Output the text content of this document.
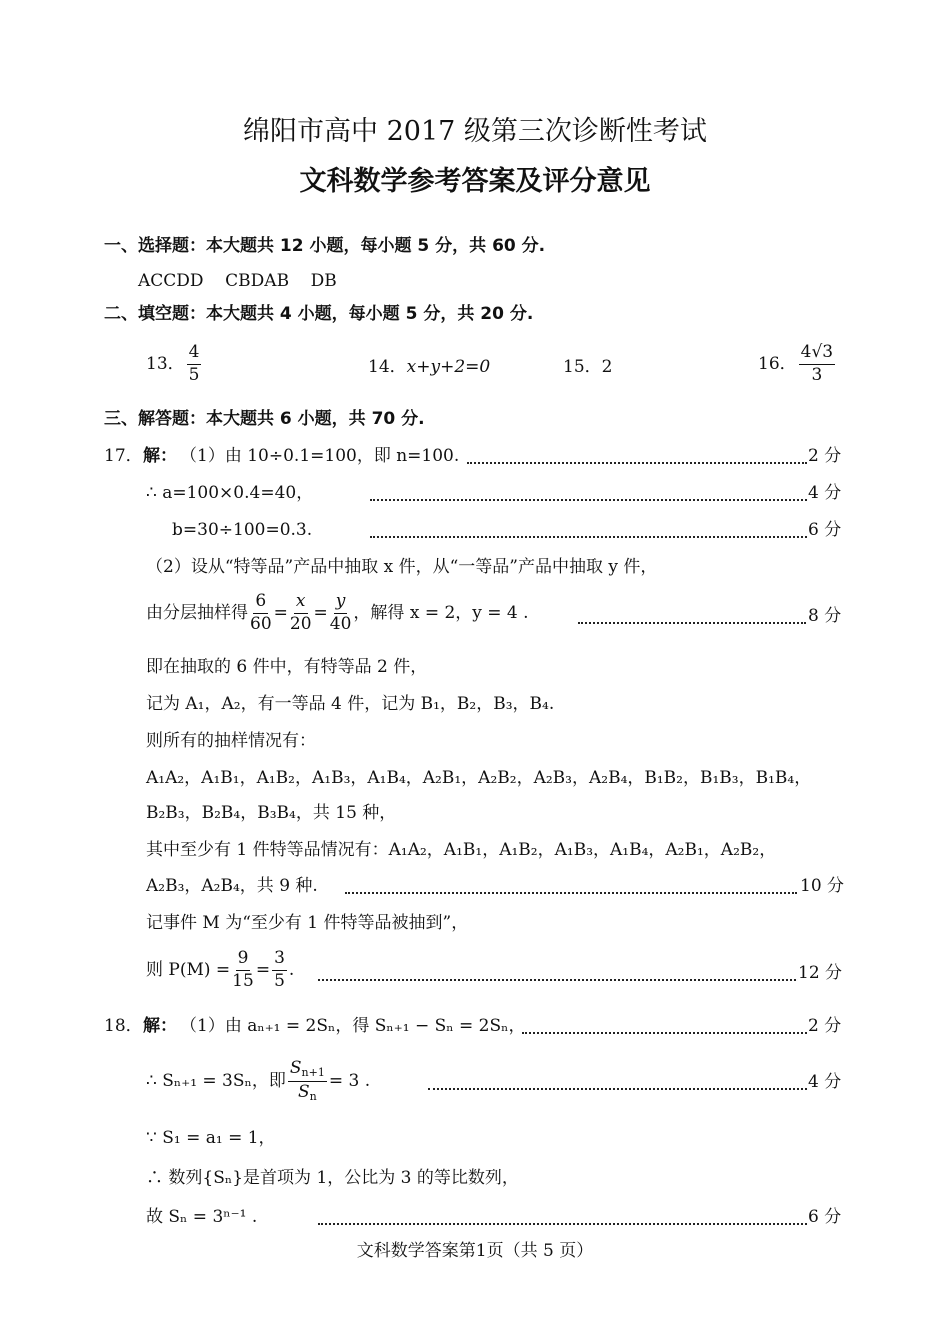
绵阳市高中 2017 级第三次诊断性考试
文科数学参考答案及评分意见
一、选择题：本大题共 12 小题，每小题 5 分，共 60 分.
ACCDD    CBDAB    DB
二、填空题：本大题共 4 小题，每小题 5 分，共 20 分.
13． $\frac{4}{5}$	14．x+y+2=0	15．2	16． $\frac{4√3}{3}$
三、解答题：本大题共 6 小题，共 70 分.
17． 解： （1）由 10÷0.1=100，即 n=100.	2 分
∴ a=100×0.4=40，	4 分
b=30÷100=0.3.	6 分
（2）设从“特等品”产品中抽取 x 件，从“一等品”产品中抽取 y 件，
由分层抽样得 $\frac{6}{60} = \frac{x}{20} = \frac{y}{40}$ ，解得 x = 2，y = 4 .	8 分
即在抽取的 6 件中，有特等品 2 件，
记为 A₁，A₂，有一等品 4 件，记为 B₁，B₂，B₃，B₄.
则所有的抽样情况有：
A₁A₂，A₁B₁，A₁B₂，A₁B₃，A₁B₄，A₂B₁，A₂B₂，A₂B₃，A₂B₄，B₁B₂，B₁B₃，B₁B₄，
B₂B₃，B₂B₄，B₃B₄，共 15 种，
其中至少有 1 件特等品情况有：A₁A₂，A₁B₁，A₁B₂，A₁B₃，A₁B₄，A₂B₁，A₂B₂，
A₂B₃，A₂B₄，共 9 种.	10 分
记事件 M 为“至少有 1 件特等品被抽到”，
则 $P(M) = \frac{9}{15} = \frac{3}{5}$ .	12 分
18． 解： （1）由 aₙ₊₁ = 2Sₙ，得 Sₙ₊₁ − Sₙ = 2Sₙ，	2 分
∴ Sₙ₊₁ = 3Sₙ，即 $\frac{S_{n+1}}{S_n} = 3$ .	4 分
∵ S₁ = a₁ = 1，
∴ 数列{Sₙ}是首项为 1，公比为 3 的等比数列，
故 Sₙ = 3ⁿ⁻¹ .	6 分
文科数学答案第1页（共 5 页）
